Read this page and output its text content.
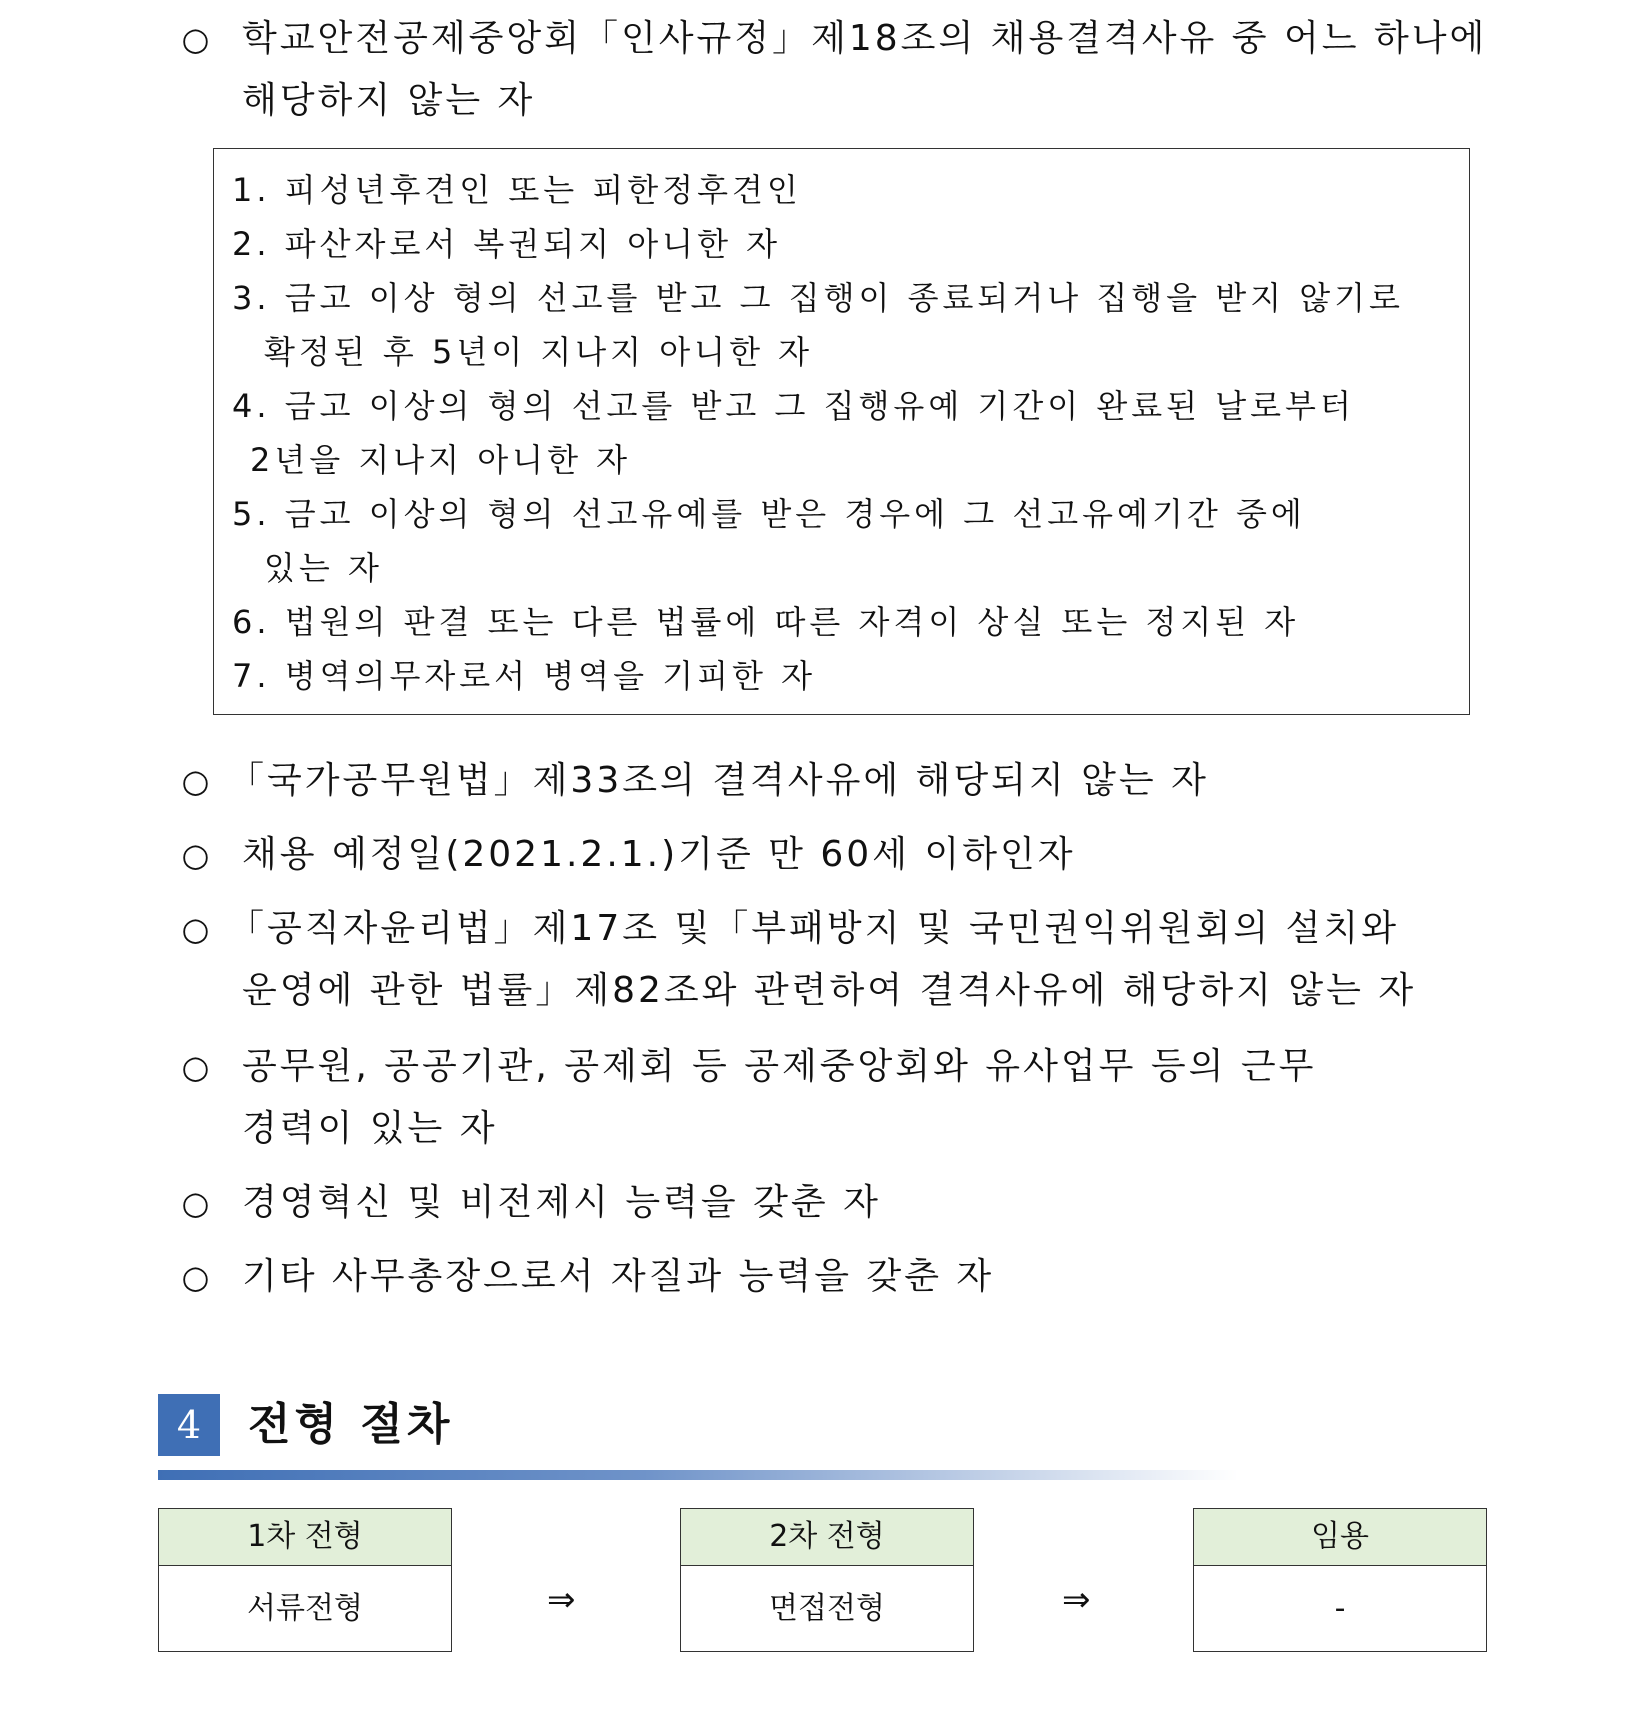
○ 학교안전공제중앙회「인사규정」제18조의 채용결격사유 중 어느 하나에
해당하지 않는 자
1. 피성년후견인 또는 피한정후견인
2. 파산자로서 복권되지 아니한 자
3. 금고 이상 형의 선고를 받고 그 집행이 종료되거나 집행을 받지 않기로
확정된 후 5년이 지나지 아니한 자
4. 금고 이상의 형의 선고를 받고 그 집행유예 기간이 완료된 날로부터
2년을 지나지 아니한 자
5. 금고 이상의 형의 선고유예를 받은 경우에 그 선고유예기간 중에
있는 자
6. 법원의 판결 또는 다른 법률에 따른 자격이 상실 또는 정지된 자
7. 병역의무자로서 병역을 기피한 자
○ 「국가공무원법」제33조의 결격사유에 해당되지 않는 자
○ 채용 예정일(2021.2.1.)기준 만 60세 이하인자
○ 「공직자윤리법」제17조 및「부패방지 및 국민권익위원회의 설치와
운영에 관한 법률」제82조와 관련하여 결격사유에 해당하지 않는 자
○ 공무원, 공공기관, 공제회 등 공제중앙회와 유사업무 등의 근무
경력이 있는 자
○ 경영혁신 및 비전제시 능력을 갖춘 자
○ 기타 사무총장으로서 자질과 능력을 갖춘 자
4	전형 절차
1차 전형
서류전형	⇒
2차 전형
면접전형	⇒
임용
-
